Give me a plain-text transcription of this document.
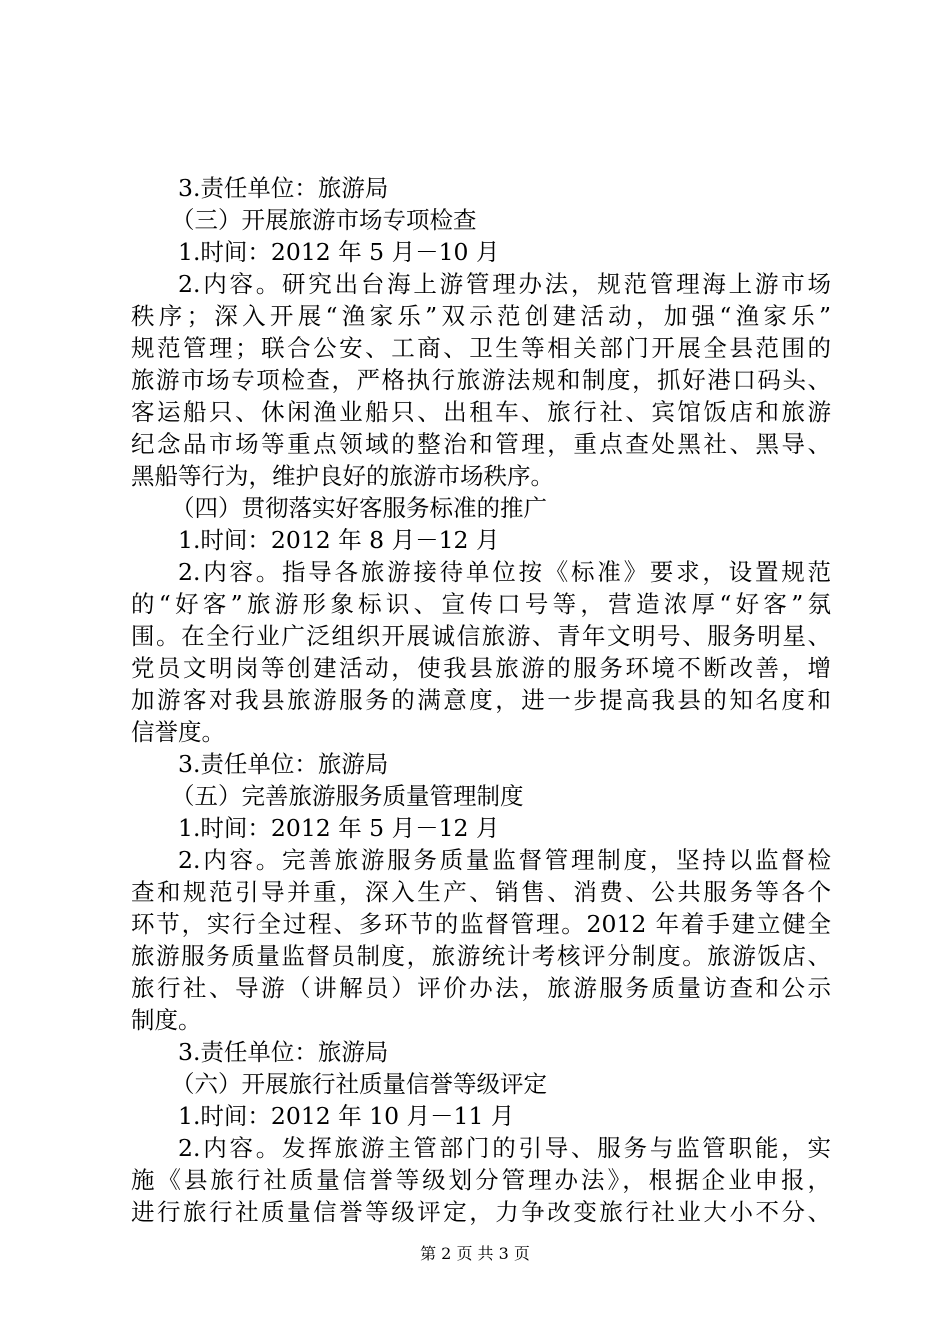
3.责任单位：旅游局
（三）开展旅游市场专项检查
1.时间：2012 年 5 月－10 月
2.内容。研究出台海上游管理办法，规范管理海上游市场
秩序；深入开展“渔家乐”双示范创建活动，加强“渔家乐”
规范管理；联合公安、工商、卫生等相关部门开展全县范围的
旅游市场专项检查，严格执行旅游法规和制度，抓好港口码头、
客运船只、休闲渔业船只、出租车、旅行社、宾馆饭店和旅游
纪念品市场等重点领域的整治和管理，重点查处黑社、黑导、
黑船等行为，维护良好的旅游市场秩序。
（四）贯彻落实好客服务标准的推广
1.时间：2012 年 8 月－12 月
2.内容。指导各旅游接待单位按《标准》要求，设置规范
的“好客”旅游形象标识、宣传口号等，营造浓厚“好客”氛
围。在全行业广泛组织开展诚信旅游、青年文明号、服务明星、
党员文明岗等创建活动，使我县旅游的服务环境不断改善，增
加游客对我县旅游服务的满意度，进一步提高我县的知名度和
信誉度。
3.责任单位：旅游局
（五）完善旅游服务质量管理制度
1.时间：2012 年 5 月－12 月
2.内容。完善旅游服务质量监督管理制度，坚持以监督检
查和规范引导并重，深入生产、销售、消费、公共服务等各个
环节，实行全过程、多环节的监督管理。2012 年着手建立健全
旅游服务质量监督员制度，旅游统计考核评分制度。旅游饭店、
旅行社、导游（讲解员）评价办法，旅游服务质量访查和公示
制度。
3.责任单位：旅游局
（六）开展旅行社质量信誉等级评定
1.时间：2012 年 10 月－11 月
2.内容。发挥旅游主管部门的引导、服务与监管职能，实
施《县旅行社质量信誉等级划分管理办法》，根据企业申报，
进行旅行社质量信誉等级评定，力争改变旅行社业大小不分、
第 2 页 共 3 页
